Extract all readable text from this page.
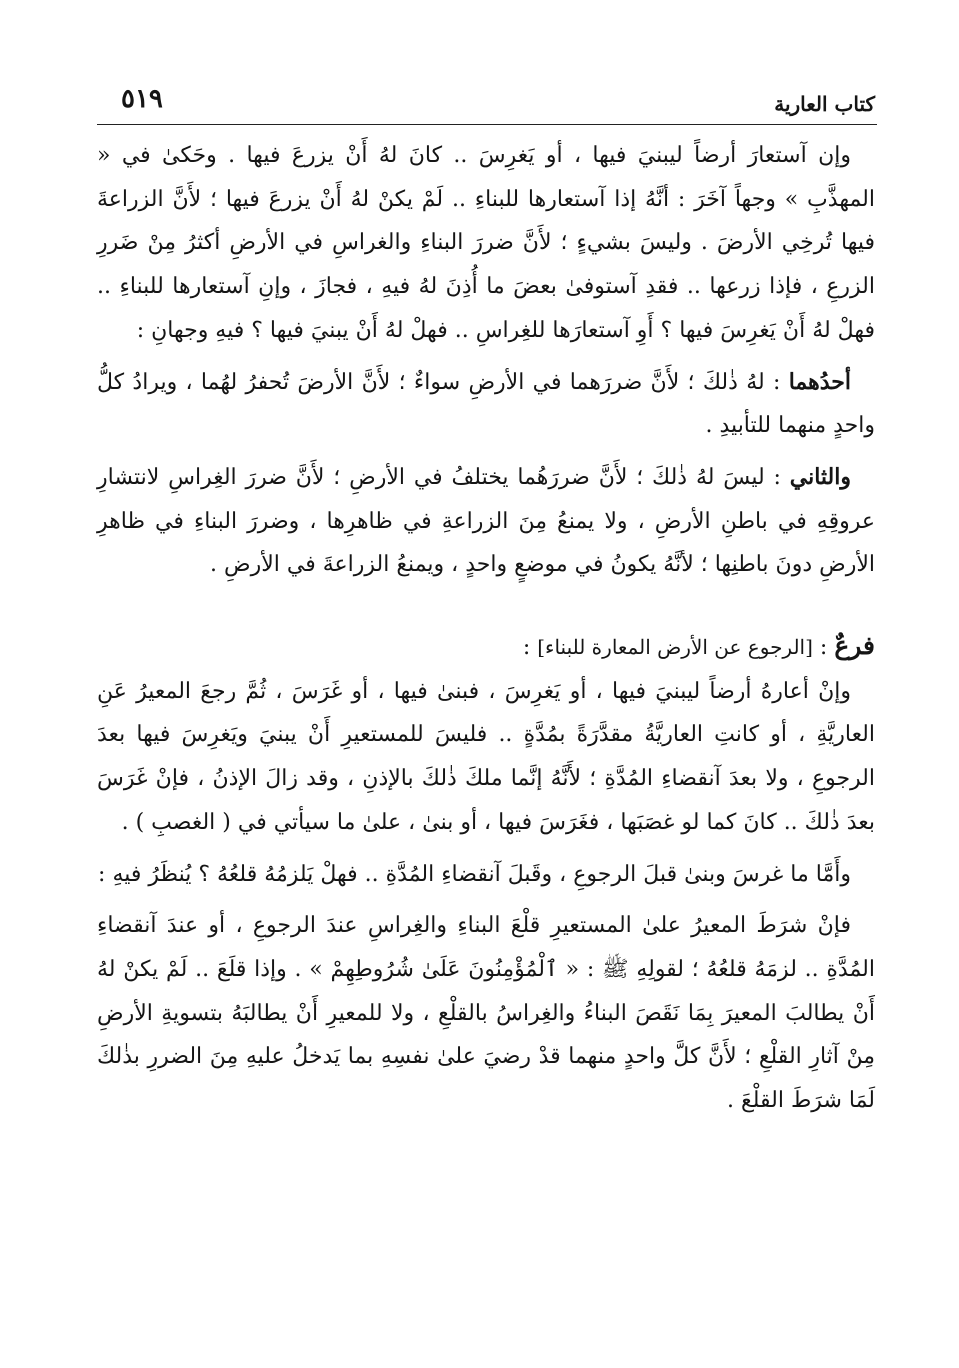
كتاب العارية
٥١٩

وإن آستعارَ أرضاً ليبنيَ فيها ، أو يَغرِسَ .. كانَ لهُ أَنْ يزرعَ فيها . وحَكىٰ في « المهذَّبِ » وجهاً آخَرَ : أنَّهُ إذا آستعارها للبناءِ .. لَمْ يكنْ لهُ أَنْ يزرعَ فيها ؛ لأَنَّ الزراعةَ فيها تُرخِي الأرضَ . وليسَ بشيءٍ ؛ لأَنَّ ضررَ البناءِ والغراسِ في الأرضِ أكثرُ مِنْ ضَررِ الزرعِ ، فإذا زرعها .. فقدِ آستوفىٰ بعضَ ما أُذِنَ لهُ فيهِ ، فجازَ ، وإنِ آستعارها للبناءِ .. فهلْ لهُ أَنْ يَغرِسَ فيها ؟ أَوِ آستعارَها للغِراسِ .. فهلْ لهُ أَنْ يبنيَ فيها ؟ فيهِ وجهانِ :

أحدُهما : لهُ ذٰلكَ ؛ لأَنَّ ضررَهما في الأرضِ سواءٌ ؛ لأَنَّ الأرضَ تُحفرُ لهُما ، ويرادُ كلُّ واحدٍ منهما للتأبيدِ .

والثاني : ليسَ لهُ ذٰلكَ ؛ لأَنَّ ضررَهُما يختلفُ في الأرضِ ؛ لأَنَّ ضررَ الغِراسِ لانتشارِ عروقِهِ في باطنِ الأرضِ ، ولا يمنعُ مِنَ الزراعةِ في ظاهرِها ، وضررَ البناءِ في ظاهرِ الأرضِ دونَ باطنِها ؛ لأنَّهُ يكونُ في موضعٍ واحدٍ ، ويمنعُ الزراعةَ في الأرضِ .

فرعٌ : [الرجوع عن الأرض المعارة للبناء] :

وإنْ أعارهُ أرضاً ليبنيَ فيها ، أو يَغرِسَ ، فبنىٰ فيها ، أو غَرَسَ ، ثُمَّ رجعَ المعيرُ عَنِ العاريَّةِ ، أو كانتِ العاريَّةُ مقدَّرَةً بمُدَّةٍ .. فليسَ للمستعيرِ أَنْ يبنيَ ويَغرِسَ فيها بعدَ الرجوعِ ، ولا بعدَ آنقضاءِ المُدَّةِ ؛ لأَنَّهُ إنَّما ملكَ ذٰلكَ بالإذنِ ، وقد زالَ الإذنُ ، فإنْ غَرَسَ بعدَ ذٰلكَ .. كانَ كما لو غصَبَها ، فغَرَسَ فيها ، أو بنىٰ ، علىٰ ما سيأتي في ( الغصبِ ) .

وأَمَّا ما غرسَ وبنىٰ قبلَ الرجوعِ ، وقَبلَ آنقضاءِ المُدَّةِ .. فهلْ يَلزمُهُ قلعُهُ ؟ يُنظَرُ فيهِ :

فإنْ شرَطَ المعيرُ علىٰ المستعيرِ قلْعَ البناءِ والغِراسِ عندَ الرجوعِ ، أو عندَ آنقضاءِ المُدَّةِ .. لزمَهُ قلعُهُ ؛ لقولِهِ ﷺ : « ٱلْمُؤْمِنُونَ عَلَىٰ شُرُوطِهِمْ » . وإذا قلَعَ .. لَمْ يكنْ لهُ أَنْ يطالبَ المعيرَ بِمَا نَقَصَ البناءُ والغِراسُ بالقلْعِ ، ولا للمعيرِ أَنْ يطالبَهُ بتسويةِ الأرضِ مِنْ آثارِ القلْعِ ؛ لأَنَّ كلَّ واحدٍ منهما قدْ رضيَ علىٰ نفسِهِ بما يَدخلُ عليهِ مِنَ الضررِ بذٰلكَ لَمَا شرَطَ القلْعَ .
